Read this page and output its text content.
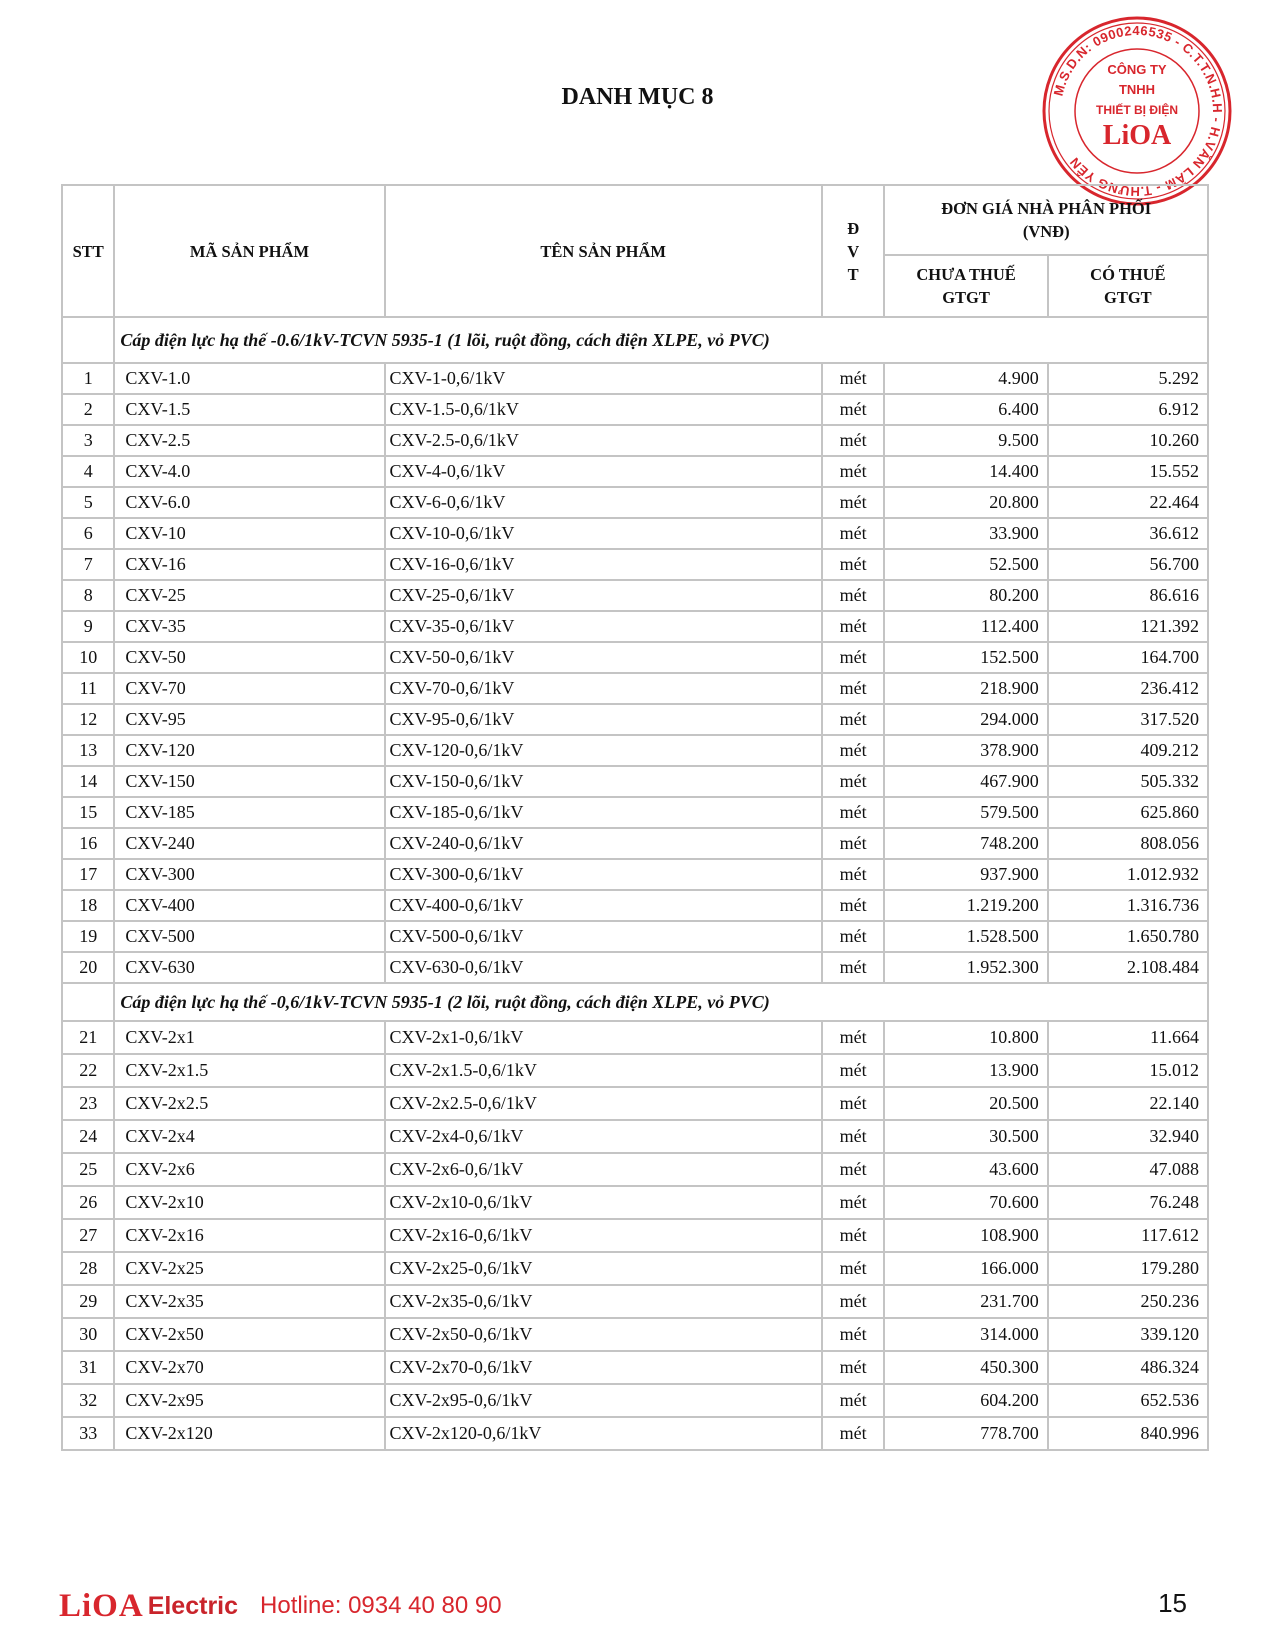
DANH MỤC 8	M.S.D.N: 0900246535 - C.T.T.N.H.H - H.VĂN LÂM - T.HƯNG YÊN
CÔNG TY
TNHH
THIẾT BỊ ĐIỆN
LiOA
STT	MÃ SẢN PHẨM	TÊN SẢN PHẨM	Đ
V
T	ĐƠN GIÁ NHÀ PHÂN PHỐI (VNĐ)	
				CHƯA THUẾ GTGT	CÓ THUẾ GTGT
	Cáp điện lực hạ thế -0.6/1kV-TCVN 5935-1 (1 lõi, ruột đồng, cách điện XLPE, vỏ PVC)				
1	CXV-1.0	CXV-1-0,6/1kV	mét	4.900	5.292
2	CXV-1.5	CXV-1.5-0,6/1kV	mét	6.400	6.912
3	CXV-2.5	CXV-2.5-0,6/1kV	mét	9.500	10.260
4	CXV-4.0	CXV-4-0,6/1kV	mét	14.400	15.552
5	CXV-6.0	CXV-6-0,6/1kV	mét	20.800	22.464
6	CXV-10	CXV-10-0,6/1kV	mét	33.900	36.612
7	CXV-16	CXV-16-0,6/1kV	mét	52.500	56.700
8	CXV-25	CXV-25-0,6/1kV	mét	80.200	86.616
9	CXV-35	CXV-35-0,6/1kV	mét	112.400	121.392
10	CXV-50	CXV-50-0,6/1kV	mét	152.500	164.700
11	CXV-70	CXV-70-0,6/1kV	mét	218.900	236.412
12	CXV-95	CXV-95-0,6/1kV	mét	294.000	317.520
13	CXV-120	CXV-120-0,6/1kV	mét	378.900	409.212
14	CXV-150	CXV-150-0,6/1kV	mét	467.900	505.332
15	CXV-185	CXV-185-0,6/1kV	mét	579.500	625.860
16	CXV-240	CXV-240-0,6/1kV	mét	748.200	808.056
17	CXV-300	CXV-300-0,6/1kV	mét	937.900	1.012.932
18	CXV-400	CXV-400-0,6/1kV	mét	1.219.200	1.316.736
19	CXV-500	CXV-500-0,6/1kV	mét	1.528.500	1.650.780
20	CXV-630	CXV-630-0,6/1kV	mét	1.952.300	2.108.484
	Cáp điện lực hạ thế -0,6/1kV-TCVN 5935-1 (2 lõi, ruột đồng, cách điện XLPE, vỏ PVC)				
21	CXV-2x1	CXV-2x1-0,6/1kV	mét	10.800	11.664
22	CXV-2x1.5	CXV-2x1.5-0,6/1kV	mét	13.900	15.012
23	CXV-2x2.5	CXV-2x2.5-0,6/1kV	mét	20.500	22.140
24	CXV-2x4	CXV-2x4-0,6/1kV	mét	30.500	32.940
25	CXV-2x6	CXV-2x6-0,6/1kV	mét	43.600	47.088
26	CXV-2x10	CXV-2x10-0,6/1kV	mét	70.600	76.248
27	CXV-2x16	CXV-2x16-0,6/1kV	mét	108.900	117.612
28	CXV-2x25	CXV-2x25-0,6/1kV	mét	166.000	179.280
29	CXV-2x35	CXV-2x35-0,6/1kV	mét	231.700	250.236
30	CXV-2x50	CXV-2x50-0,6/1kV	mét	314.000	339.120
31	CXV-2x70	CXV-2x70-0,6/1kV	mét	450.300	486.324
32	CXV-2x95	CXV-2x95-0,6/1kV	mét	604.200	652.536
33	CXV-2x120	CXV-2x120-0,6/1kV	mét	778.700	840.996
LiOA Electric Hotline: 0934 40 80 90	15
